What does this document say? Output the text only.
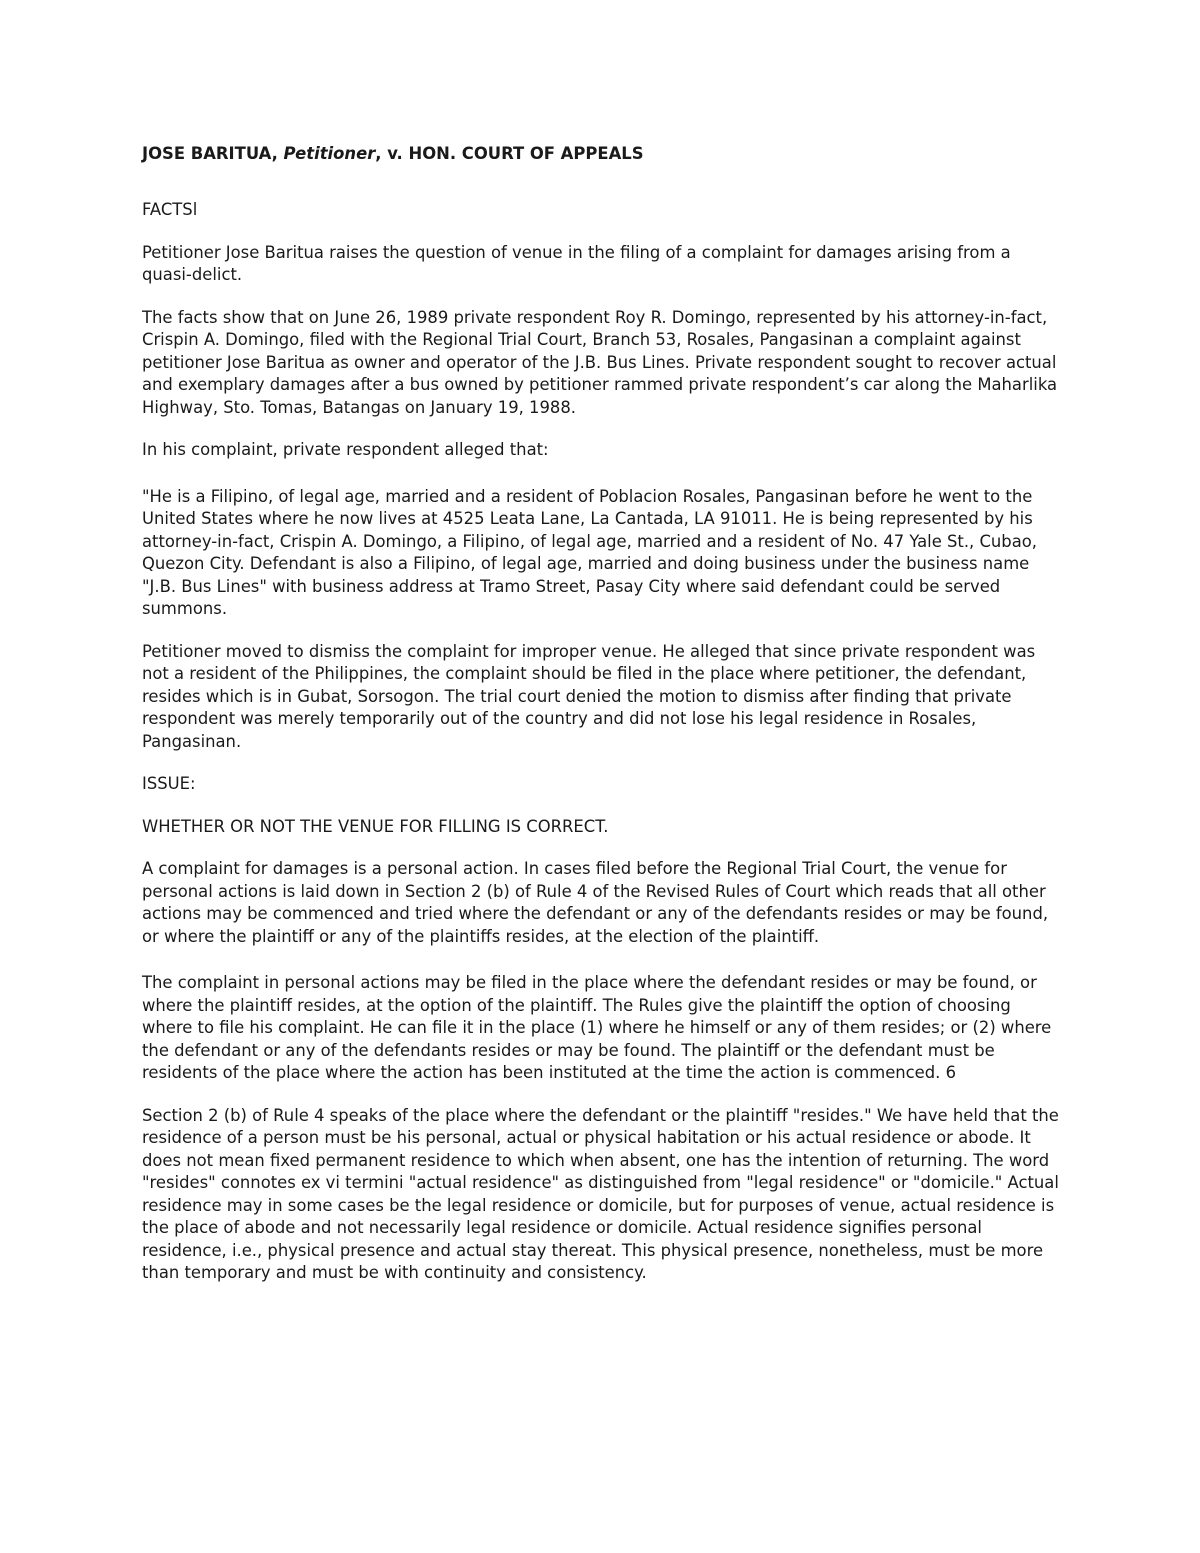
JOSE BARITUA, Petitioner, v. HON. COURT OF APPEALS

FACTSl

Petitioner Jose Baritua raises the question of venue in the filing of a complaint for damages arising from a quasi-delict.

The facts show that on June 26, 1989 private respondent Roy R. Domingo, represented by his attorney-in-fact, Crispin A. Domingo, filed with the Regional Trial Court, Branch 53, Rosales, Pangasinan a complaint against petitioner Jose Baritua as owner and operator of the J.B. Bus Lines. Private respondent sought to recover actual and exemplary damages after a bus owned by petitioner rammed private respondent’s car along the Maharlika Highway, Sto. Tomas, Batangas on January 19, 1988.

In his complaint, private respondent alleged that:

"He is a Filipino, of legal age, married and a resident of Poblacion Rosales, Pangasinan before he went to the United States where he now lives at 4525 Leata Lane, La Cantada, LA 91011. He is being represented by his attorney-in-fact, Crispin A. Domingo, a Filipino, of legal age, married and a resident of No. 47 Yale St., Cubao, Quezon City. Defendant is also a Filipino, of legal age, married and doing business under the business name "J.B. Bus Lines" with business address at Tramo Street, Pasay City where said defendant could be served summons.

Petitioner moved to dismiss the complaint for improper venue. He alleged that since private respondent was not a resident of the Philippines, the complaint should be filed in the place where petitioner, the defendant, resides which is in Gubat, Sorsogon. The trial court denied the motion to dismiss after finding that private respondent was merely temporarily out of the country and did not lose his legal residence in Rosales, Pangasinan.

ISSUE:

WHETHER OR NOT THE VENUE FOR FILLING IS CORRECT.

A complaint for damages is a personal action. In cases filed before the Regional Trial Court, the venue for personal actions is laid down in Section 2 (b) of Rule 4 of the Revised Rules of Court which reads that all other actions may be commenced and tried where the defendant or any of the defendants resides or may be found, or where the plaintiff or any of the plaintiffs resides, at the election of the plaintiff.

The complaint in personal actions may be filed in the place where the defendant resides or may be found, or where the plaintiff resides, at the option of the plaintiff. The Rules give the plaintiff the option of choosing where to file his complaint. He can file it in the place (1) where he himself or any of them resides; or (2) where the defendant or any of the defendants resides or may be found. The plaintiff or the defendant must be residents of the place where the action has been instituted at the time the action is commenced. 6

Section 2 (b) of Rule 4 speaks of the place where the defendant or the plaintiff "resides." We have held that the residence of a person must be his personal, actual or physical habitation or his actual residence or abode. It does not mean fixed permanent residence to which when absent, one has the intention of returning. The word "resides" connotes ex vi termini "actual residence" as distinguished from "legal residence" or "domicile." Actual residence may in some cases be the legal residence or domicile, but for purposes of venue, actual residence is the place of abode and not necessarily legal residence or domicile. Actual residence signifies personal residence, i.e., physical presence and actual stay thereat. This physical presence, nonetheless, must be more than temporary and must be with continuity and consistency.
